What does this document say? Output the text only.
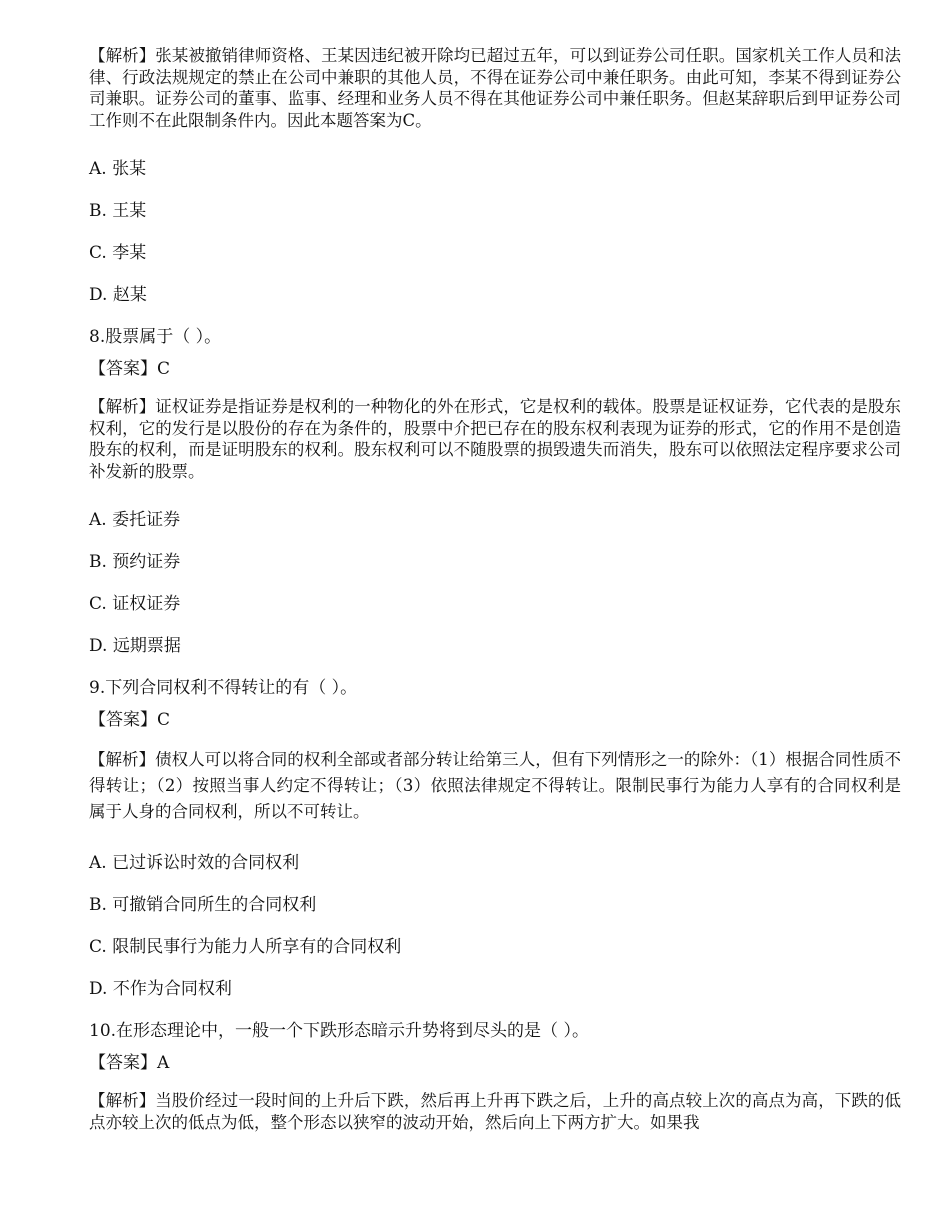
【解析】张某被撤销律师资格、王某因违纪被开除均已超过五年，可以到证券公司任职。国家机关工作人员和法律、行政法规规定的禁止在公司中兼职的其他人员，不得在证券公司中兼任职务。由此可知，李某不得到证券公司兼职。证券公司的董事、监事、经理和业务人员不得在其他证券公司中兼任职务。但赵某辞职后到甲证券公司工作则不在此限制条件内。因此本题答案为C。

A. 张某

B. 王某

C. 李某

D. 赵某

8.股票属于（ ）。

【答案】C

【解析】证权证券是指证券是权利的一种物化的外在形式，它是权利的载体。股票是证权证券，它代表的是股东权利，它的发行是以股份的存在为条件的，股票中介把已存在的股东权利表现为证券的形式，它的作用不是创造股东的权利，而是证明股东的权利。股东权利可以不随股票的损毁遗失而消失，股东可以依照法定程序要求公司补发新的股票。

A. 委托证券

B. 预约证券

C. 证权证券

D. 远期票据

9.下列合同权利不得转让的有（ ）。

【答案】C

【解析】债权人可以将合同的权利全部或者部分转让给第三人，但有下列情形之一的除外：（1）根据合同性质不得转让；（2）按照当事人约定不得转让；（3）依照法律规定不得转让。限制民事行为能力人享有的合同权利是属于人身的合同权利，所以不可转让。

A. 已过诉讼时效的合同权利

B. 可撤销合同所生的合同权利

C. 限制民事行为能力人所享有的合同权利

D. 不作为合同权利

10.在形态理论中，一般一个下跌形态暗示升势将到尽头的是（ ）。

【答案】A

【解析】当股价经过一段时间的上升后下跌，然后再上升再下跌之后，上升的高点较上次的高点为高，下跌的低点亦较上次的低点为低，整个形态以狭窄的波动开始，然后向上下两方扩大。如果我
